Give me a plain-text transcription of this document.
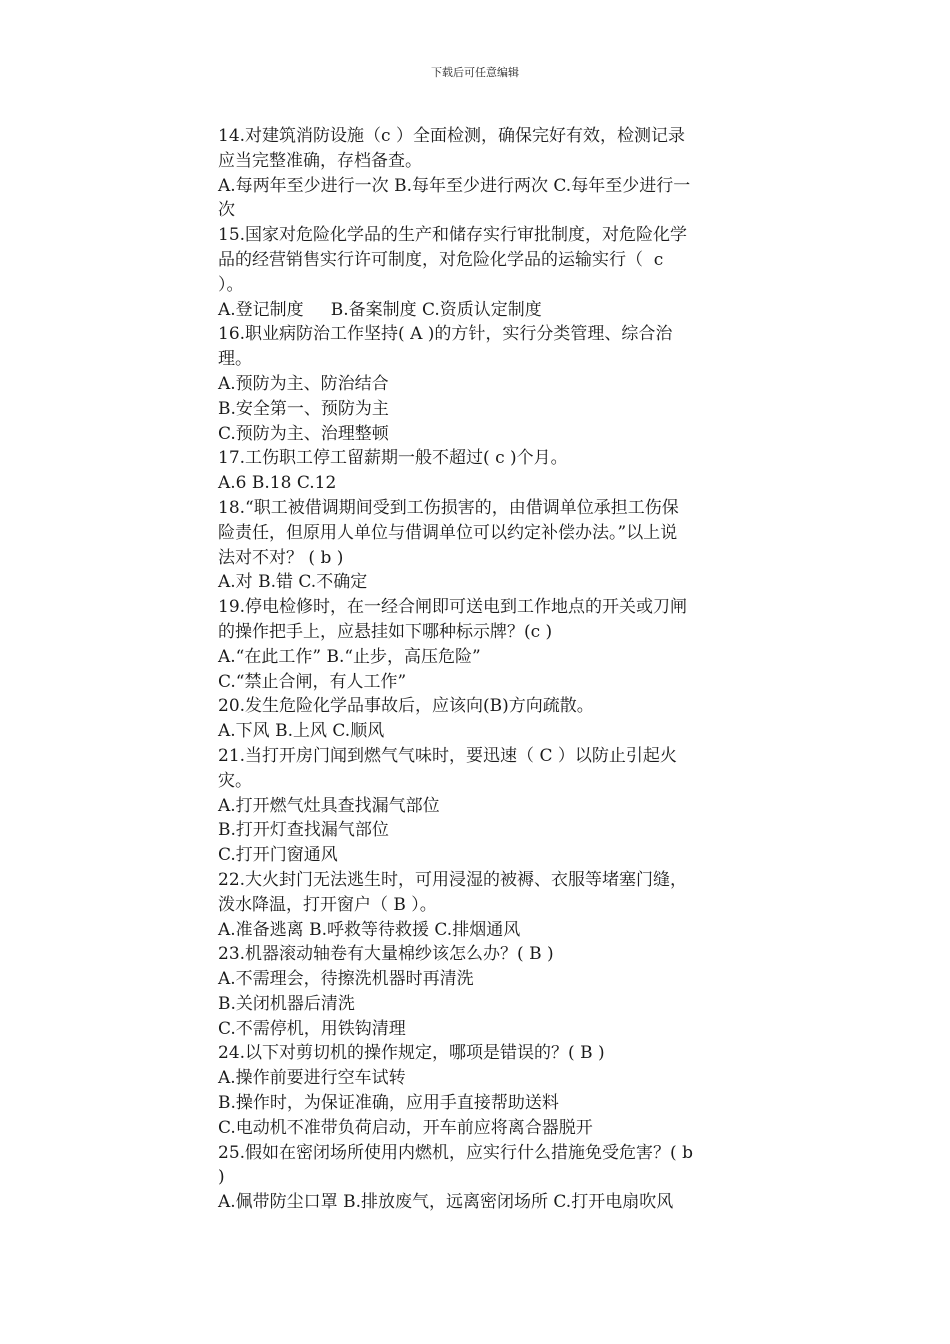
下载后可任意编辑
14.对建筑消防设施（c ）全面检测，确保完好有效，检测记录
应当完整准确，存档备查。
A.每两年至少进行一次 B.每年至少进行两次 C.每年至少进行一
次
15.国家对危险化学品的生产和储存实行审批制度，对危险化学
品的经营销售实行许可制度，对危险化学品的运输实行（  c
）。
A.登记制度     B.备案制度 C.资质认定制度
16.职业病防治工作坚持( A )的方针，实行分类管理、综合治
理。
A.预防为主、防治结合
B.安全第一、预防为主
C.预防为主、治理整顿
17.工伤职工停工留薪期一般不超过( c )个月。
A.6 B.18 C.12
18.“职工被借调期间受到工伤损害的，由借调单位承担工伤保
险责任，但原用人单位与借调单位可以约定补偿办法。”以上说
法对不对？ ( b )
A.对 B.错 C.不确定
19.停电检修时，在一经合闸即可送电到工作地点的开关或刀闸
的操作把手上，应悬挂如下哪种标示牌？(c )
A.“在此工作” B.“止步，高压危险”
C.“禁止合闸，有人工作”
20.发生危险化学品事故后，应该向(B)方向疏散。
A.下风 B.上风 C.顺风
21.当打开房门闻到燃气气味时，要迅速（ C ）以防止引起火
灾。
A.打开燃气灶具查找漏气部位
B.打开灯查找漏气部位
C.打开门窗通风
22.大火封门无法逃生时，可用浸湿的被褥、衣服等堵塞门缝，
泼水降温，打开窗户（ B ）。
A.准备逃离 B.呼救等待救援 C.排烟通风
23.机器滚动轴卷有大量棉纱该怎么办？( B )
A.不需理会，待擦洗机器时再清洗
B.关闭机器后清洗
C.不需停机，用铁钩清理
24.以下对剪切机的操作规定，哪项是错误的？( B )
A.操作前要进行空车试转
B.操作时，为保证准确，应用手直接帮助送料
C.电动机不准带负荷启动，开车前应将离合器脱开
25.假如在密闭场所使用内燃机，应实行什么措施免受危害？( b
)
A.佩带防尘口罩 B.排放废气，远离密闭场所 C.打开电扇吹风
